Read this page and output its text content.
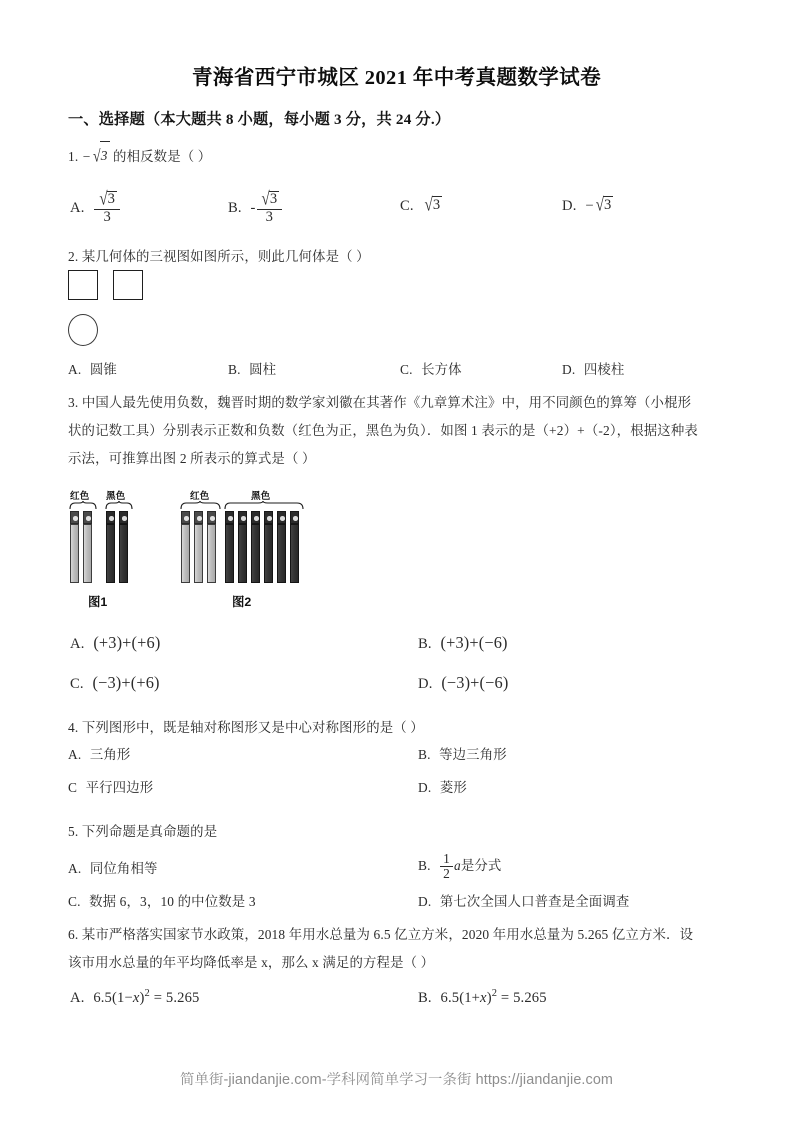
青海省西宁市城区 2021 年中考真题数学试卷
一、选择题（本大题共 8 小题，每小题 3 分，共 24 分.）
1. − √3 的相反数是（ ）
A. $\frac{√3}{3}$	B. - $\frac{√3}{3}$	C. √3	D. − √3
2. 某几何体的三视图如图所示，则此几何体是（ ）
A. 圆锥	B. 圆柱	C. 长方体	D. 四棱柱
3. 中国人最先使用负数，魏晋时期的数学家刘徽在其著作《九章算术注》中，用不同颜色的算筹（小棍形
状的记数工具）分别表示正数和负数（红色为正，黑色为负）．如图 1 表示的是（+2）+（-2），根据这种表
示法，可推算出图 2 所表示的算式是（ ）
红色 黑色
图1
红色	黑色
图2
A. (+3)+(+6)	B. (+3)+(−6)
C. (−3)+(+6)	D. (−3)+(−6)
4. 下列图形中，既是轴对称图形又是中心对称图形的是（ ）
A. 三角形	B. 等边三角形
C 平行四边形	D. 菱形
5. 下列命题是真命题的是
A. 同位角相等	B. $\frac{1}{2}$ a是分式
C. 数据 6，3，10 的中位数是 3	D. 第七次全国人口普查是全面调查
6. 某市严格落实国家节水政策，2018 年用水总量为 6.5 亿立方米，2020 年用水总量为 5.265 亿立方米．设
该市用水总量的年平均降低率是 x，那么 x 满足的方程是（ ）
A. $6.5(1-x)^2 = 5.265$	B. $6.5(1+x)^2 = 5.265$
简单街-jiandanjie.com-学科网简单学习一条街 https://jiandanjie.com
